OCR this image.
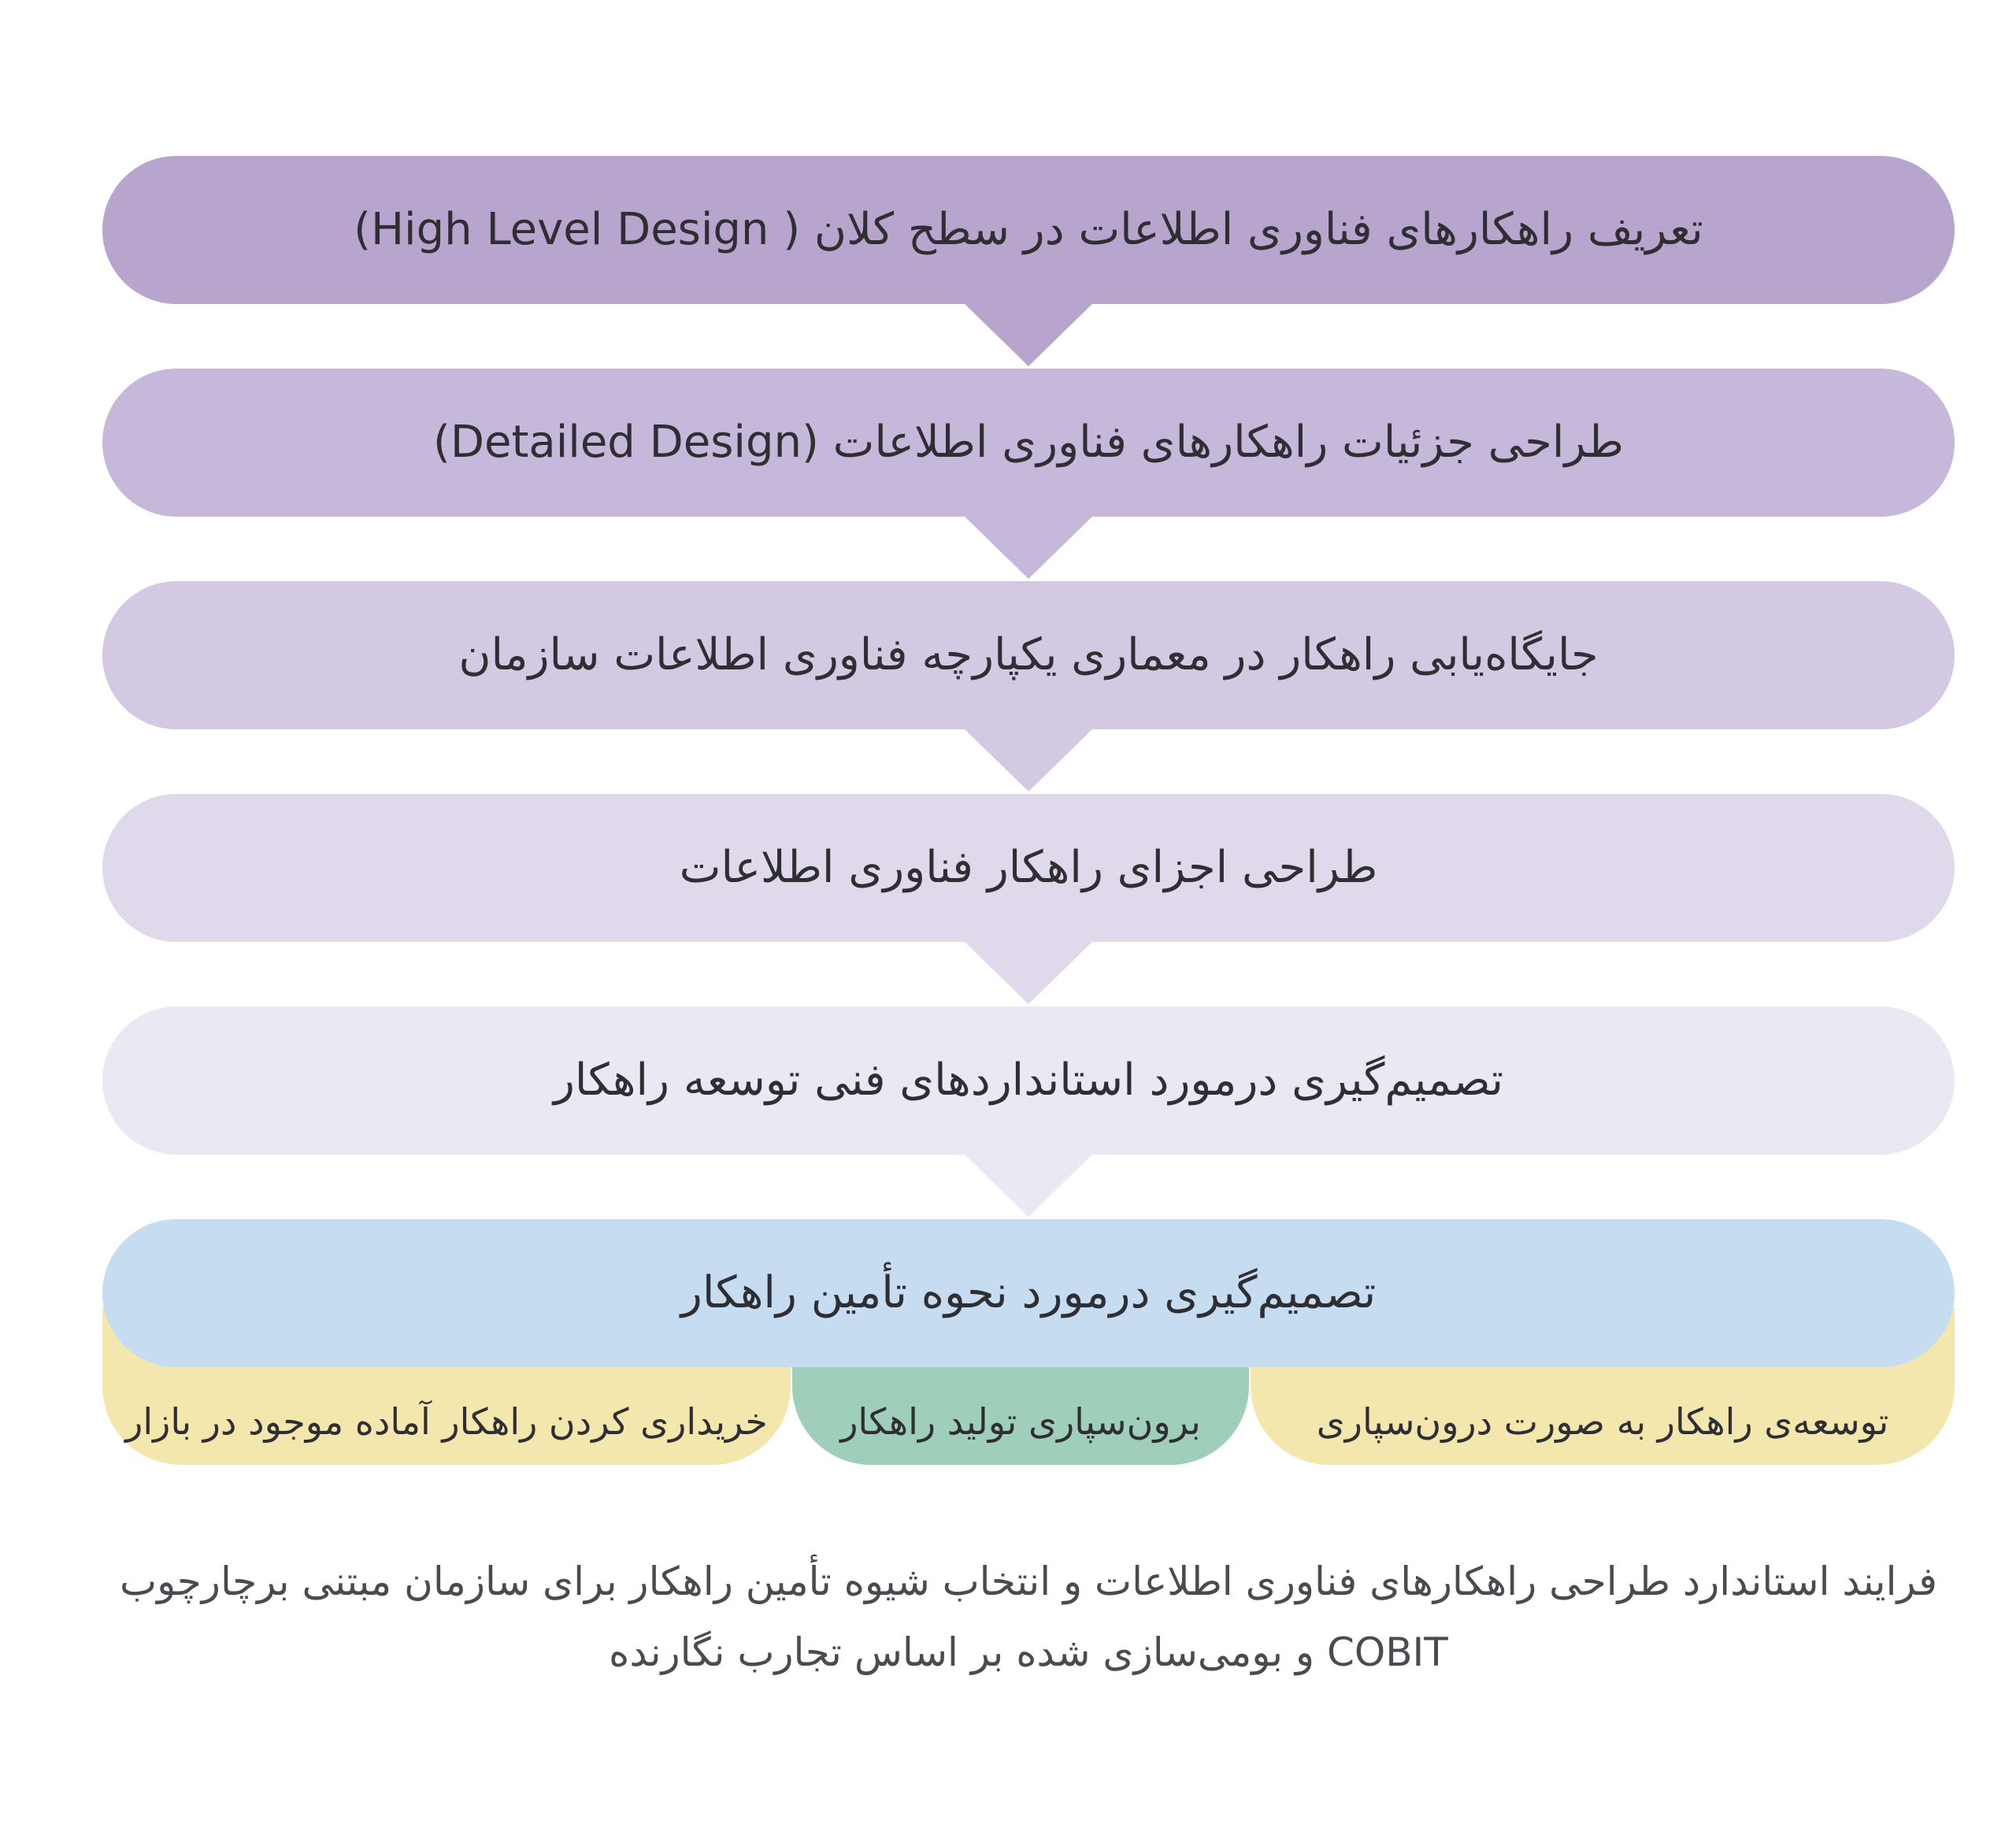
خریداری کردن راهکار آماده موجود در بازار	برون‌سپاری تولید راهکار	توسعه‌ی راهکار به صورت درون‌سپاری
تعریف راهکارهای فناوری اطلاعات در سطح کلان ( High Level Design)
طراحی جزئیات راهکارهای فناوری اطلاعات (Detailed Design)
جایگاه‌یابی راهکار در معماری یکپارچه فناوری اطلاعات سازمان
طراحی اجزای راهکار فناوری اطلاعات
تصمیم‌گیری درمورد استانداردهای فنی توسعه راهکار
تصمیم‌گیری درمورد نحوه تأمین راهکار
فرایند استاندارد طراحی راهکارهای فناوری اطلاعات و انتخاب شیوه تأمین راهکار برای سازمان مبتنی برچارچوب
COBIT و بومی‌سازی شده بر اساس تجارب نگارنده
